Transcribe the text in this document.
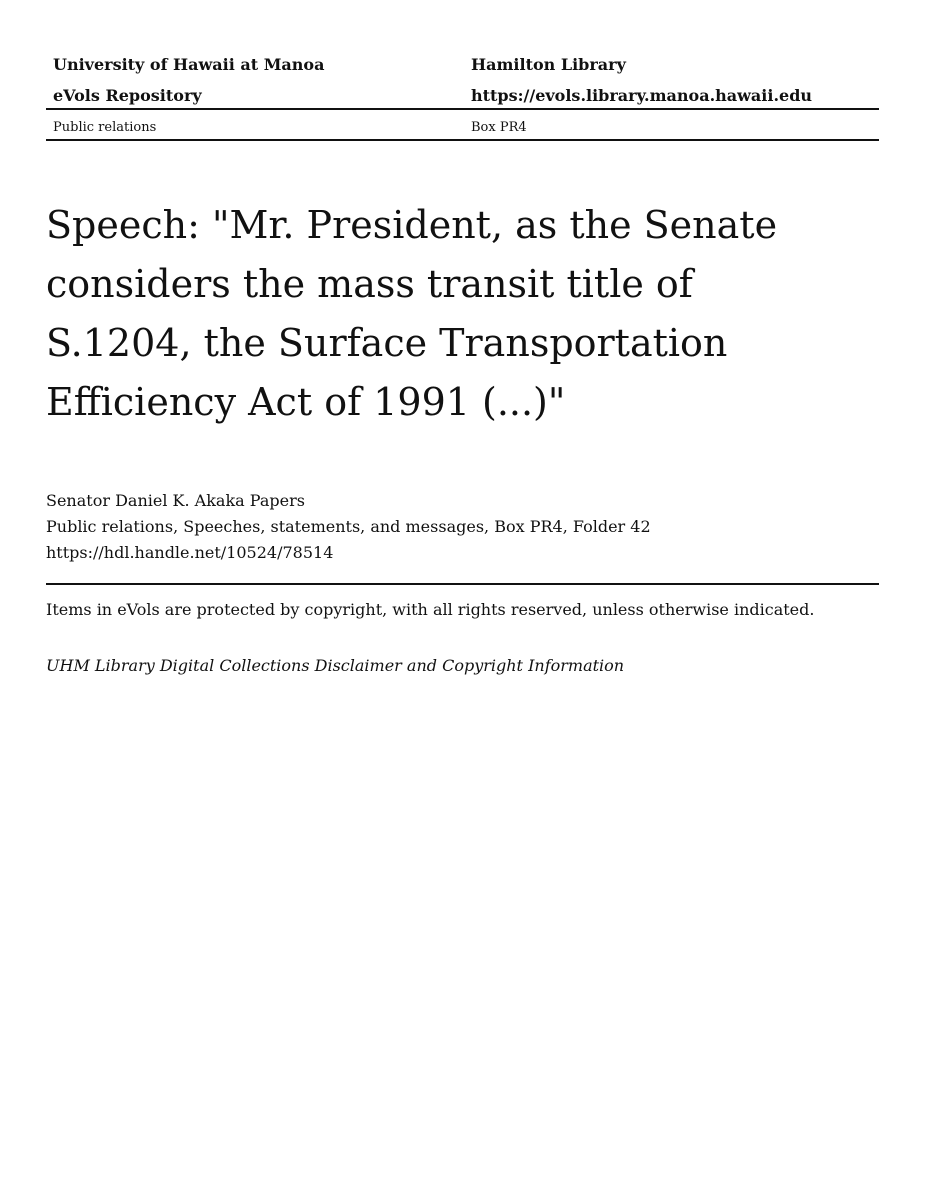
University of Hawaii at Manoa	Hamilton Library
eVols Repository	https://evols.library.manoa.hawaii.edu
Public relations	Box PR4
Speech: "Mr. President, as the Senate considers the mass transit title of S.1204, the Surface Transportation Efficiency Act of 1991 (...)"
Senator Daniel K. Akaka Papers
Public relations, Speeches, statements, and messages, Box PR4, Folder 42
https://hdl.handle.net/10524/78514
Items in eVols are protected by copyright, with all rights reserved, unless otherwise indicated.
UHM Library Digital Collections Disclaimer and Copyright Information
